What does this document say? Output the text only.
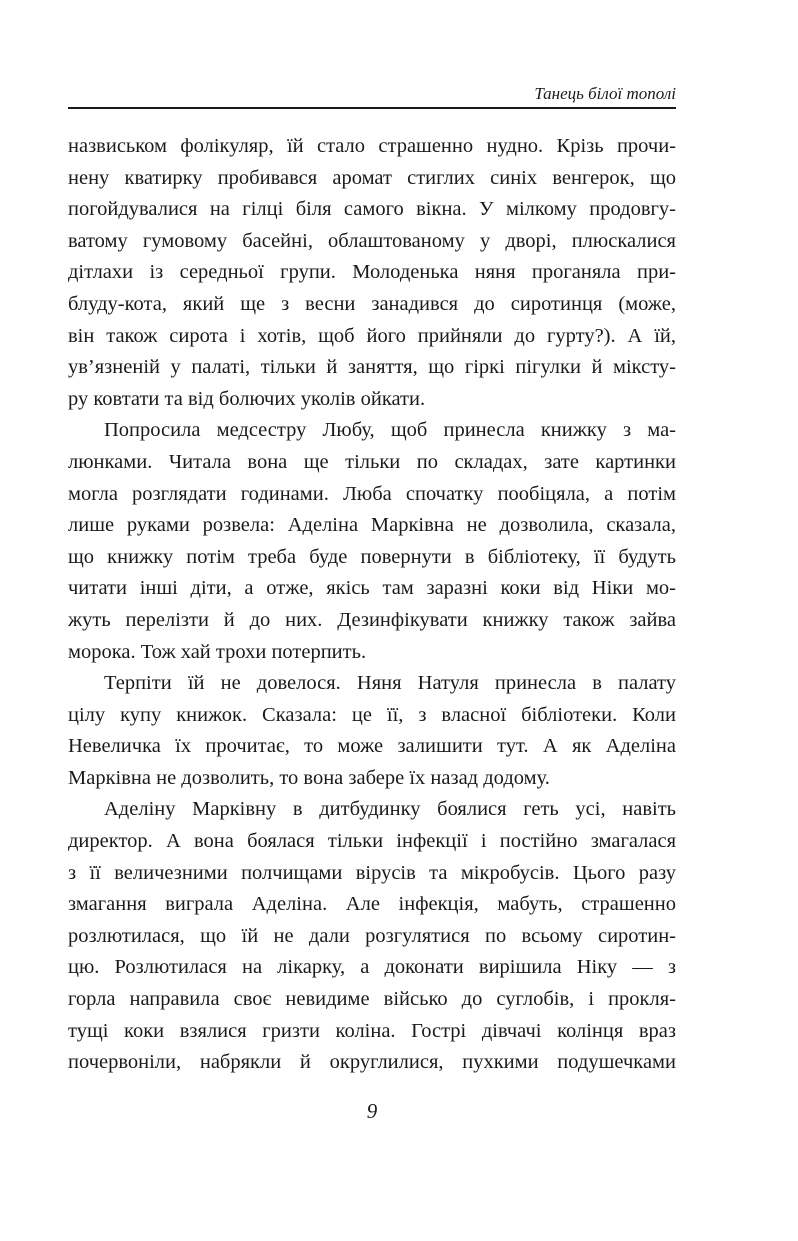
Танець білої тополі
назвиськом фолікуляр, їй стало страшенно нудно. Крізь прочи-
нену кватирку пробивався аромат стиглих синіх венгерок, що
погойдувалися на гілці біля самого вікна. У мілкому продовгу-
ватому гумовому басейні, облаштованому у дворі, плюскалися
дітлахи із середньої групи. Молоденька няня проганяла при-
блуду-кота, який ще з весни занадився до сиротинця (може,
він також сирота і хотів, щоб його прийняли до гурту?). А їй,
ув’язненій у палаті, тільки й заняття, що гіркі пігулки й міксту-
ру ковтати та від болючих уколів ойкати.
Попросила медсестру Любу, щоб принесла книжку з ма-
люнками. Читала вона ще тільки по складах, зате картинки
могла розглядати годинами. Люба спочатку пообіцяла, а потім
лише руками розвела: Аделіна Марківна не дозволила, сказала,
що книжку потім треба буде повернути в бібліотеку, її будуть
читати інші діти, а отже, якісь там заразні коки від Ніки мо-
жуть перелізти й до них. Дезинфікувати книжку також зайва
морока. Тож хай трохи потерпить.
Терпіти їй не довелося. Няня Натуля принесла в палату
цілу купу книжок. Сказала: це її, з власної бібліотеки. Коли
Невеличка їх прочитає, то може залишити тут. А як Аделіна
Марківна не дозволить, то вона забере їх назад додому.
Аделіну Марківну в дитбудинку боялися геть усі, навіть
директор. А вона боялася тільки інфекції і постійно змагалася
з її величезними полчищами вірусів та мікробусів. Цього разу
змагання виграла Аделіна. Але інфекція, мабуть, страшенно
розлютилася, що їй не дали розгулятися по всьому сиротин-
цю. Розлютилася на лікарку, а доконати вирішила Ніку — з
горла направила своє невидиме військо до суглобів, і прокля-
тущі коки взялися гризти коліна. Гострі дівчачі колінця враз
почервоніли, набрякли й округлилися, пухкими подушечками
9
